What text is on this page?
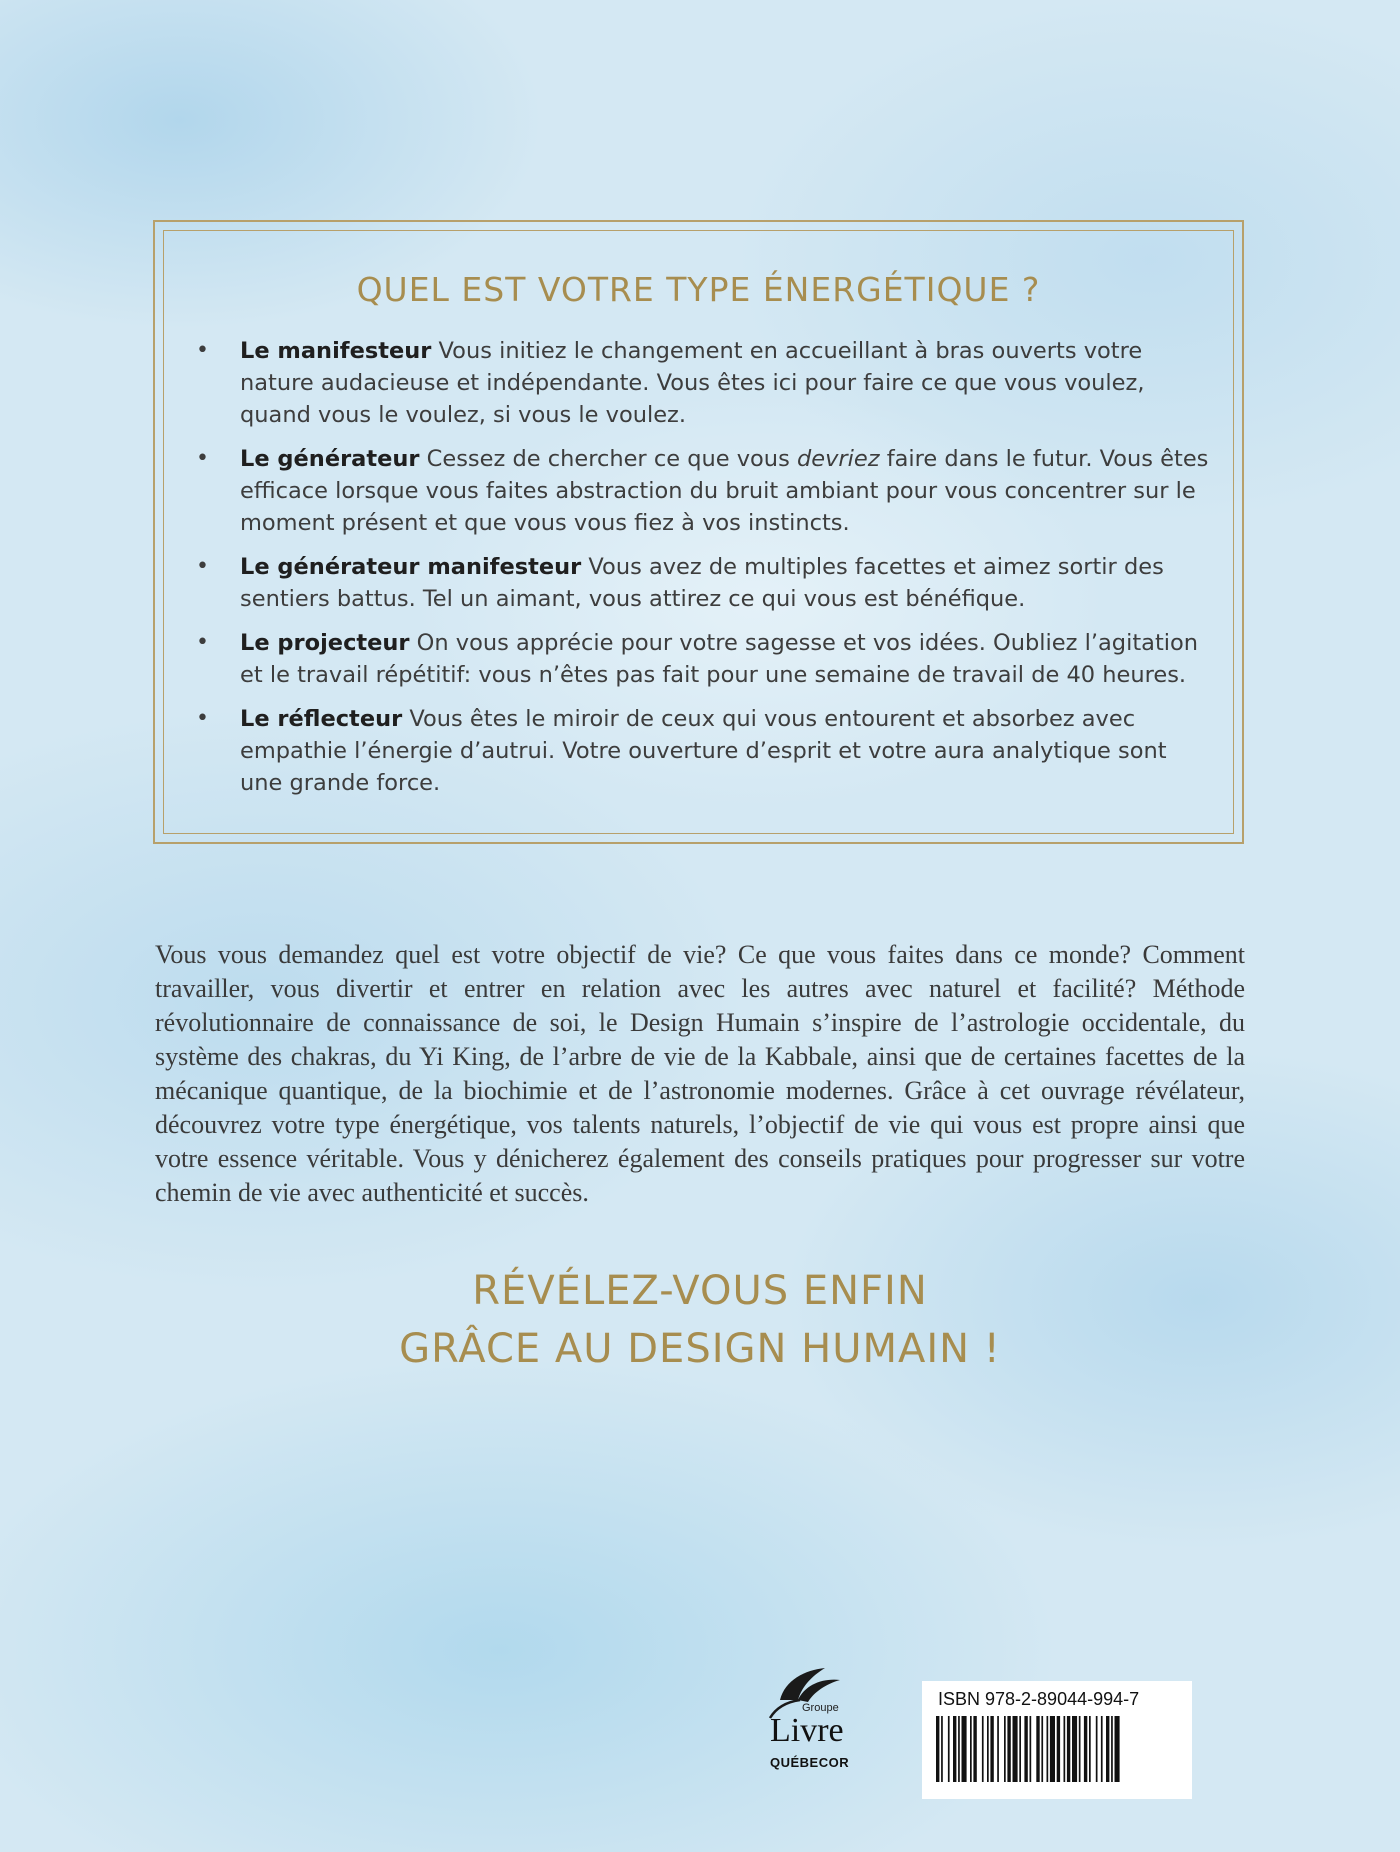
QUEL EST VOTRE TYPE ÉNERGÉTIQUE ?
•	Le manifesteur Vous initiez le changement en accueillant à bras ouverts votre nature audacieuse et indépendante. Vous êtes ici pour faire ce que vous voulez, quand vous le voulez, si vous le voulez.
•	Le générateur Cessez de chercher ce que vous devriez faire dans le futur. Vous êtes efficace lorsque vous faites abstraction du bruit ambiant pour vous concentrer sur le moment présent et que vous vous fiez à vos instincts.
•	Le générateur manifesteur Vous avez de multiples facettes et aimez sortir des sentiers battus. Tel un aimant, vous attirez ce qui vous est bénéfique.
•	Le projecteur On vous apprécie pour votre sagesse et vos idées. Oubliez l’agitation et le travail répétitif: vous n’êtes pas fait pour une semaine de travail de 40 heures.
•	Le réflecteur Vous êtes le miroir de ceux qui vous entourent et absorbez avec empathie l’énergie d’autrui. Votre ouverture d’esprit et votre aura analytique sont une grande force.

Vous vous demandez quel est votre objectif de vie? Ce que vous faites dans ce monde? Comment travailler, vous divertir et entrer en relation avec les autres avec naturel et facilité? Méthode révolutionnaire de connaissance de soi, le Design Humain s’inspire de l’astrologie occidentale, du système des chakras, du Yi King, de l’arbre de vie de la Kabbale, ainsi que de certaines facettes de la mécanique quantique, de la biochimie et de l’astronomie modernes. Grâce à cet ouvrage révélateur, découvrez votre type énergétique, vos talents naturels, l’objectif de vie qui vous est propre ainsi que votre essence véritable. Vous y dénicherez également des conseils pratiques pour progresser sur votre chemin de vie avec authenticité et succès.

RÉVÉLEZ-VOUS ENFIN
GRÂCE AU DESIGN HUMAIN !
Groupe
Livre
QUÉBECOR
ISBN 978-2-89044-994-7
